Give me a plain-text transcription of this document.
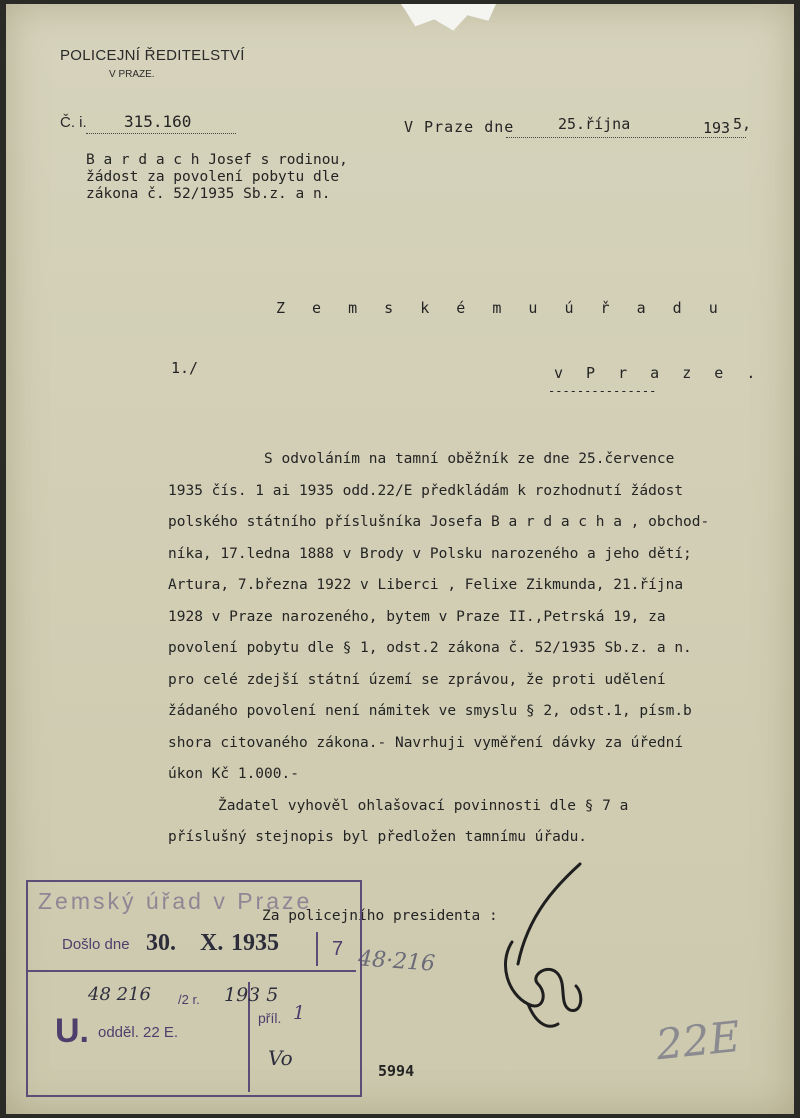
POLICEJNÍ ŘEDITELSTVÍ
V PRAZE.
Č. i. 315.160	V Praze dne	25.října	193 5,
B a r d a c h Josef s rodinou,
žádost za povolení pobytu dle
zákona č. 52/1935 Sb.z. a n.
Z e m s k é m u ú ř a d u
1./	v P r a z e .
---------------

S odvoláním na tamní oběžník ze dne 25.července

1935 čís. 1 ai 1935 odd.22/E předkládám k rozhodnutí žádost

polského státního příslušníka Josefa B a r d a c h a , obchod-

níka, 17.ledna 1888 v Brody v Polsku narozeného a jeho dětí;

Artura, 7.března 1922 v Liberci , Felixe Zikmunda, 21.října

1928 v Praze narozeného, bytem v Praze II.,Petrská 19, za

povolení pobytu dle § 1, odst.2 zákona č. 52/1935 Sb.z. a n.

pro celé zdejší státní území se zprávou, že proti udělení

žádaného povolení není námitek ve smyslu § 2, odst.1, písm.b

shora citovaného zákona.- Navrhuji vyměření dávky za úřední

úkon Kč 1.000.-

Žadatel vyhověl ohlašovací povinnosti dle § 7 a

příslušný stejnopis byl předložen tamnímu úřadu.

Za policejního presidenta :
48·216
5994
22E
Zemský úřad v Praze
Došlo dne 30. X. 1935	7
48 216 /2 r. 193 5
příl. 1
U. odděl. 22 E.
Vo
